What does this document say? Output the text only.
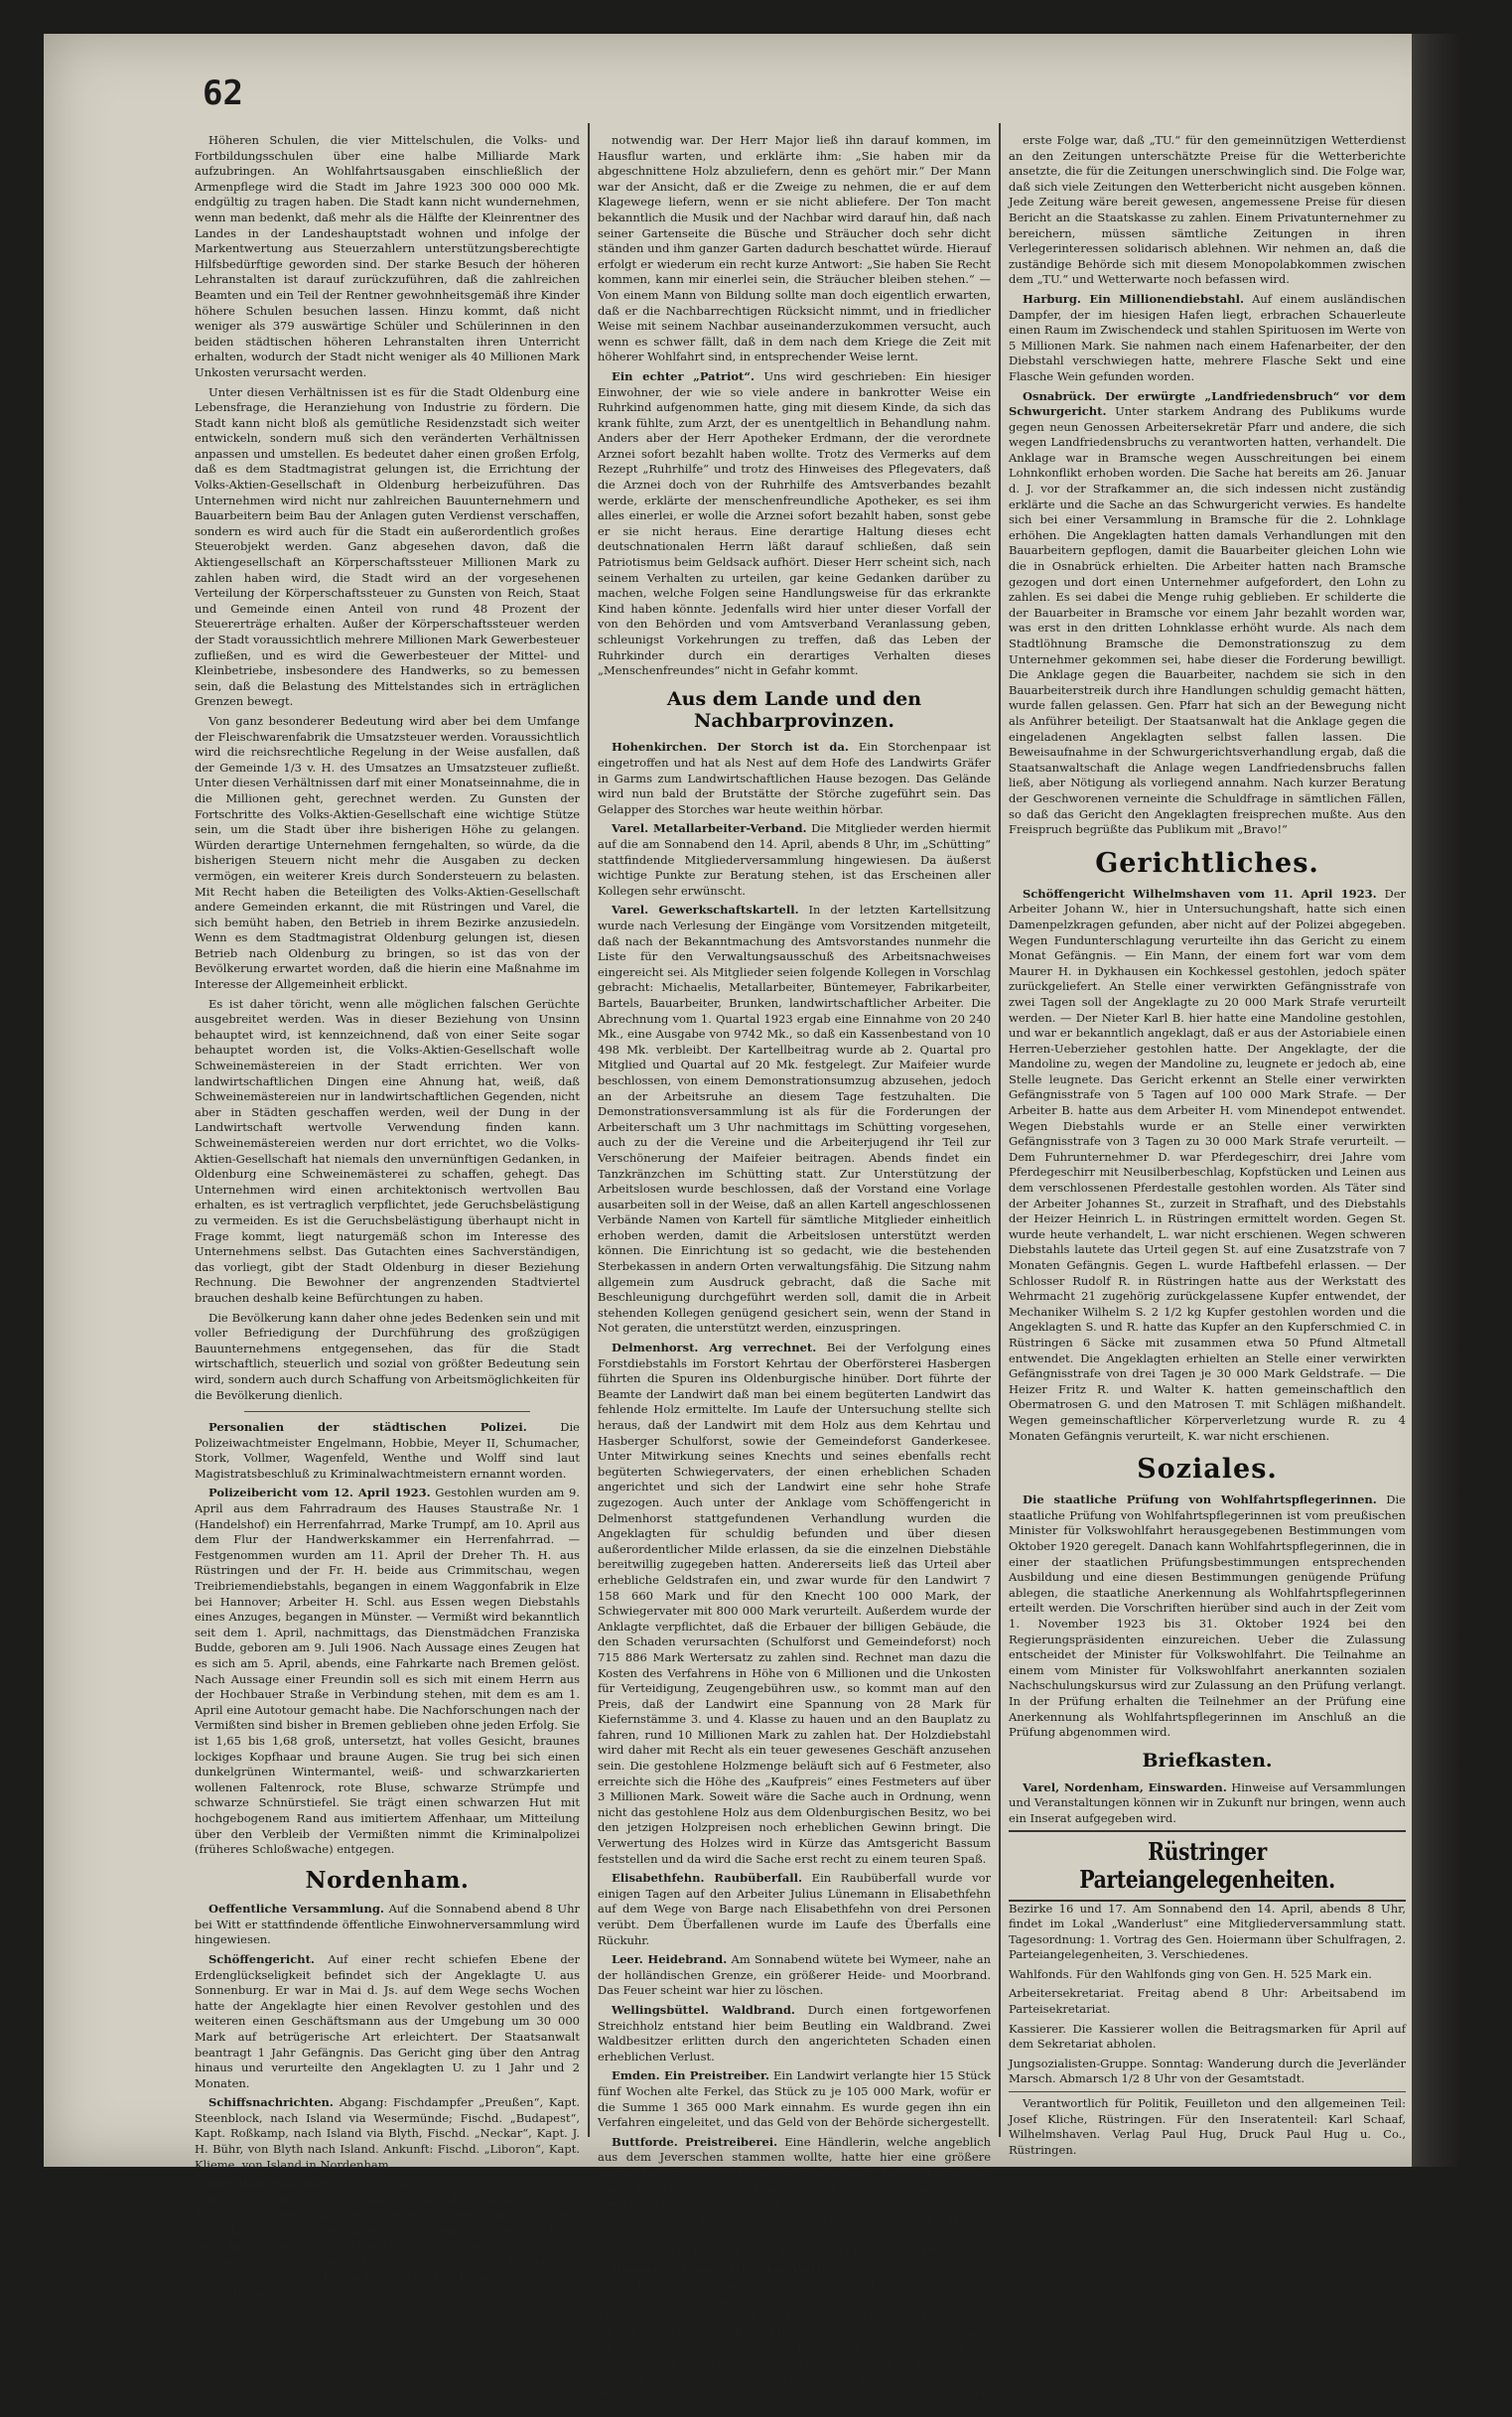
62

Höheren Schulen, die vier Mittelschulen, die Volks- und Fortbildungsschulen über eine halbe Milliarde Mark aufzubringen. An Wohlfahrtsausgaben einschließlich der Armenpflege wird die Stadt im Jahre 1923 300 000 000 Mk. endgültig zu tragen haben. Die Stadt kann nicht wundernehmen, wenn man bedenkt, daß mehr als die Hälfte der Kleinrentner des Landes in der Landeshauptstadt wohnen und infolge der Markentwertung aus Steuerzahlern unterstützungsberechtigte Hilfsbedürftige geworden sind. Der starke Besuch der höheren Lehranstalten ist darauf zurückzuführen, daß die zahlreichen Beamten und ein Teil der Rentner gewohnheitsgemäß ihre Kinder höhere Schulen besuchen lassen. Hinzu kommt, daß nicht weniger als 379 auswärtige Schüler und Schülerinnen in den beiden städtischen höheren Lehranstalten ihren Unterricht erhalten, wodurch der Stadt nicht weniger als 40 Millionen Mark Unkosten verursacht werden.

Unter diesen Verhältnissen ist es für die Stadt Oldenburg eine Lebensfrage, die Heranziehung von Industrie zu fördern. Die Stadt kann nicht bloß als gemütliche Residenzstadt sich weiter entwickeln, sondern muß sich den veränderten Verhältnissen anpassen und umstellen. Es bedeutet daher einen großen Erfolg, daß es dem Stadtmagistrat gelungen ist, die Errichtung der Volks-Aktien-Gesellschaft in Oldenburg herbeizuführen. Das Unternehmen wird nicht nur zahlreichen Bauunternehmern und Bauarbeitern beim Bau der Anlagen guten Verdienst verschaffen, sondern es wird auch für die Stadt ein außerordentlich großes Steuerobjekt werden. Ganz abgesehen davon, daß die Aktiengesellschaft an Körperschaftssteuer Millionen Mark zu zahlen haben wird, die Stadt wird an der vorgesehenen Verteilung der Körperschaftssteuer zu Gunsten von Reich, Staat und Gemeinde einen Anteil von rund 48 Prozent der Steuererträge erhalten. Außer der Körperschaftssteuer werden der Stadt voraussichtlich mehrere Millionen Mark Gewerbesteuer zufließen, und es wird die Gewerbesteuer der Mittel- und Kleinbetriebe, insbesondere des Handwerks, so zu bemessen sein, daß die Belastung des Mittelstandes sich in erträglichen Grenzen bewegt.

Von ganz besonderer Bedeutung wird aber bei dem Umfange der Fleischwarenfabrik die Umsatzsteuer werden. Voraussichtlich wird die reichsrechtliche Regelung in der Weise ausfallen, daß der Gemeinde 1/3 v. H. des Umsatzes an Umsatzsteuer zufließt. Unter diesen Verhältnissen darf mit einer Monatseinnahme, die in die Millionen geht, gerechnet werden. Zu Gunsten der Fortschritte des Volks-Aktien-Gesellschaft eine wichtige Stütze sein, um die Stadt über ihre bisherigen Höhe zu gelangen. Würden derartige Unternehmen ferngehalten, so würde, da die bisherigen Steuern nicht mehr die Ausgaben zu decken vermögen, ein weiterer Kreis durch Sondersteuern zu belasten. Mit Recht haben die Beteiligten des Volks-Aktien-Gesellschaft andere Gemeinden erkannt, die mit Rüstringen und Varel, die sich bemüht haben, den Betrieb in ihrem Bezirke anzusiedeln. Wenn es dem Stadtmagistrat Oldenburg gelungen ist, diesen Betrieb nach Oldenburg zu bringen, so ist das von der Bevölkerung erwartet worden, daß die hierin eine Maßnahme im Interesse der Allgemeinheit erblickt.

Es ist daher töricht, wenn alle möglichen falschen Gerüchte ausgebreitet werden. Was in dieser Beziehung von Unsinn behauptet wird, ist kennzeichnend, daß von einer Seite sogar behauptet worden ist, die Volks-Aktien-Gesellschaft wolle Schweinemästereien in der Stadt errichten. Wer von landwirtschaftlichen Dingen eine Ahnung hat, weiß, daß Schweinemästereien nur in landwirtschaftlichen Gegenden, nicht aber in Städten geschaffen werden, weil der Dung in der Landwirtschaft wertvolle Verwendung finden kann. Schweinemästereien werden nur dort errichtet, wo die Volks-Aktien-Gesellschaft hat niemals den unvernünftigen Gedanken, in Oldenburg eine Schweinemästerei zu schaffen, gehegt. Das Unternehmen wird einen architektonisch wertvollen Bau erhalten, es ist vertraglich verpflichtet, jede Geruchsbelästigung zu vermeiden. Es ist die Geruchsbelästigung überhaupt nicht in Frage kommt, liegt naturgemäß schon im Interesse des Unternehmens selbst. Das Gutachten eines Sachverständigen, das vorliegt, gibt der Stadt Oldenburg in dieser Beziehung Rechnung. Die Bewohner der angrenzenden Stadtviertel brauchen deshalb keine Befürchtungen zu haben.

Die Bevölkerung kann daher ohne jedes Bedenken sein und mit voller Befriedigung der Durchführung des großzügigen Bauunternehmens entgegensehen, das für die Stadt wirtschaftlich, steuerlich und sozial von größter Bedeutung sein wird, sondern auch durch Schaffung von Arbeitsmöglichkeiten für die Bevölkerung dienlich.

Personalien der städtischen Polizei.	Die Polizeiwachtmeister Engelmann, Hobbie, Meyer II, Schumacher, Stork, Vollmer, Wagenfeld, Wenthe und Wolff sind laut Magistratsbeschluß zu Kriminalwachtmeistern ernannt worden.

Polizeibericht vom 12. April 1923. Gestohlen wurden am 9. April aus dem Fahrradraum des Hauses Staustraße Nr. 1 (Handelshof) ein Herrenfahrrad, Marke Trumpf, am 10. April aus dem Flur der Handwerkskammer ein Herrenfahrrad. — Festgenommen wurden am 11. April der Dreher Th. H. aus Rüstringen und der Fr. H. beide aus Crimmitschau, wegen Treibriemendiebstahls, begangen in einem Waggonfabrik in Elze bei Hannover; Arbeiter H. Schl. aus Essen wegen Diebstahls eines Anzuges, begangen in Münster. — Vermißt wird bekanntlich seit dem 1. April, nachmittags, das Dienstmädchen Franziska Budde, geboren am 9. Juli 1906. Nach Aussage eines Zeugen hat es sich am 5. April, abends, eine Fahrkarte nach Bremen gelöst. Nach Aussage einer Freundin soll es sich mit einem Herrn aus der Hochbauer Straße in Verbindung stehen, mit dem es am 1. April eine Autotour gemacht habe. Die Nachforschungen nach der Vermißten sind bisher in Bremen geblieben ohne jeden Erfolg. Sie ist 1,65 bis 1,68 groß, untersetzt, hat volles Gesicht, braunes lockiges Kopfhaar und braune Augen. Sie trug bei sich einen dunkelgrünen Wintermantel, weiß- und schwarzkarierten wollenen Faltenrock, rote Bluse, schwarze Strümpfe und schwarze Schnürstiefel. Sie trägt einen schwarzen Hut mit hochgebogenem Rand aus imitiertem Affenhaar, um Mitteilung über den Verbleib der Vermißten nimmt die Kriminalpolizei (früheres Schloßwache) entgegen.

Nordenham.

Oeffentliche Versammlung. Auf die Sonnabend abend 8 Uhr bei Witt er stattfindende öffentliche Einwohnerversammlung wird hingewiesen.

Schöffengericht. Auf einer recht schiefen Ebene der Erdenglückseligkeit befindet sich der Angeklagte U. aus Sonnenburg. Er war in Mai d. Js. auf dem Wege sechs Wochen hatte der Angeklagte hier einen Revolver gestohlen und des weiteren einen Geschäftsmann aus der Umgebung um 30 000 Mark auf betrügerische Art erleichtert. Der Staatsanwalt beantragt 1 Jahr Gefängnis. Das Gericht ging über den Antrag hinaus und verurteilte den Angeklagten U. zu 1 Jahr und 2 Monaten.

Schiffsnachrichten. Abgang: Fischdampfer „Preußen“, Kapt. Steenblock, nach Island via Wesermünde; Fischd. „Budapest“, Kapt. Roßkamp, nach Island via Blyth, Fischd. „Neckar“, Kapt. J. H. Bühr, von Blyth nach Island. Ankunft: Fischd. „Liboron“, Kapt. Klieme, von Island in Nordenham.

Der Herr Nachbar. Ein Major a. D., der sich an die heutige Zeit noch nicht gewöhnen kann, wollte den Nachbar um die Erlaubnis gebeten, daß der in seinem Gartengrundstück allein befindlichen Zweige beschneiden zu dürfen. Der Nachbar hatte die Erlaubnis gegeben, und der Major erteilte an ihn den Auftrag. In einem wurde es dem Major durch die Erlaubnis Fragende in seinem Interesse die Erdbeersträucher, Die Erlaubnis wurde auf das unbedingt

notwendig war. Der Herr Major ließ ihn darauf kommen, im Hausflur warten, und erklärte ihm: „Sie haben mir da abgeschnittene Holz abzuliefern, denn es gehört mir.“ Der Mann war der Ansicht, daß er die Zweige zu nehmen, die er auf dem Klagewege liefern, wenn er sie nicht abliefere. Der Ton macht bekanntlich die Musik und der Nachbar wird darauf hin, daß nach seiner Gartenseite die Büsche und Sträucher doch sehr dicht ständen und ihm ganzer Garten dadurch beschattet würde. Hierauf erfolgt er wiederum ein recht kurze Antwort: „Sie haben Sie Recht kommen, kann mir einerlei sein, die Sträucher bleiben stehen.“ — Von einem Mann von Bildung sollte man doch eigentlich erwarten, daß er die Nachbarrechtigen Rücksicht nimmt, und in friedlicher Weise mit seinem Nachbar auseinanderzukommen versucht, auch wenn es schwer fällt, daß in dem nach dem Kriege die Zeit mit höherer Wohlfahrt sind, in entsprechender Weise lernt.

Ein echter „Patriot“. Uns wird geschrieben: Ein hiesiger Einwohner, der wie so viele andere in bankrotter Weise ein Ruhrkind aufgenommen hatte, ging mit diesem Kinde, da sich das krank fühlte, zum Arzt, der es unentgeltlich in Behandlung nahm. Anders aber der Herr Apotheker Erdmann, der die verordnete Arznei sofort bezahlt haben wollte. Trotz des Vermerks auf dem Rezept „Ruhrhilfe“ und trotz des Hinweises des Pflegevaters, daß die Arznei doch von der Ruhrhilfe des Amtsverbandes bezahlt werde, erklärte der menschenfreundliche Apotheker, es sei ihm alles einerlei, er wolle die Arznei sofort bezahlt haben, sonst gebe er sie nicht heraus. Eine derartige Haltung dieses echt deutschnationalen Herrn läßt darauf schließen, daß sein Patriotismus beim Geldsack aufhört. Dieser Herr scheint sich, nach seinem Verhalten zu urteilen, gar keine Gedanken darüber zu machen, welche Folgen seine Handlungsweise für das erkrankte Kind haben könnte. Jedenfalls wird hier unter dieser Vorfall der von den Behörden und vom Amtsverband Veranlassung geben, schleunigst Vorkehrungen zu treffen, daß das Leben der Ruhrkinder durch ein derartiges Verhalten dieses „Menschenfreundes“ nicht in Gefahr kommt.

Aus dem Lande und den Nachbarprovinzen.

Hohenkirchen. Der Storch ist da. Ein Storchenpaar ist eingetroffen und hat als Nest auf dem Hofe des Landwirts Gräfer in Garms zum Landwirtschaftlichen Hause bezogen. Das Gelände wird nun bald der Brutstätte der Störche zugeführt sein. Das Gelapper des Storches war heute weithin hörbar.

Varel. Metallarbeiter-Verband. Die Mitglieder werden hiermit auf die am Sonnabend den 14. April, abends 8 Uhr, im „Schütting“ stattfindende Mitgliederversammlung hingewiesen. Da äußerst wichtige Punkte zur Beratung stehen, ist das Erscheinen aller Kollegen sehr erwünscht.

Varel. Gewerkschaftskartell. In der letzten Kartellsitzung wurde nach Verlesung der Eingänge vom Vorsitzenden mitgeteilt, daß nach der Bekanntmachung des Amtsvorstandes nunmehr die Liste für den Verwaltungsausschuß des Arbeitsnachweises eingereicht sei. Als Mitglieder seien folgende Kollegen in Vorschlag gebracht: Michaelis, Metallarbeiter, Büntemeyer, Fabrikarbeiter, Bartels, Bauarbeiter, Brunken, landwirtschaftlicher Arbeiter. Die Abrechnung vom 1. Quartal 1923 ergab eine Einnahme von 20 240 Mk., eine Ausgabe von 9742 Mk., so daß ein Kassenbestand von 10 498 Mk. verbleibt. Der Kartellbeitrag wurde ab 2. Quartal pro Mitglied und Quartal auf 20 Mk. festgelegt. Zur Maifeier wurde beschlossen, von einem Demonstrationsumzug abzusehen, jedoch an der Arbeitsruhe an diesem Tage festzuhalten. Die Demonstrationsversammlung ist als für die Forderungen der Arbeiterschaft um 3 Uhr nachmittags im Schütting vorgesehen, auch zu der die Vereine und die Arbeiterjugend ihr Teil zur Verschönerung der Maifeier beitragen. Abends findet ein Tanzkränzchen im Schütting statt. Zur Unterstützung der Arbeitslosen wurde beschlossen, daß der Vorstand eine Vorlage ausarbeiten soll in der Weise, daß an allen Kartell angeschlossenen Verbände Namen von Kartell für sämtliche Mitglieder einheitlich erhoben werden, damit die Arbeitslosen unterstützt werden können. Die Einrichtung ist so gedacht, wie die bestehenden Sterbekassen in andern Orten verwaltungsfähig. Die Sitzung nahm allgemein zum Ausdruck gebracht, daß die Sache mit Beschleunigung durchgeführt werden soll, damit die in Arbeit stehenden Kollegen genügend gesichert sein, wenn der Stand in Not geraten, die unterstützt werden, einzuspringen.

Delmenhorst. Arg verrechnet. Bei der Verfolgung eines Forstdiebstahls im Forstort Kehrtau der Oberförsterei Hasbergen führten die Spuren ins Oldenburgische hinüber. Dort führte der Beamte der Landwirt daß man bei einem begüterten Landwirt das fehlende Holz ermittelte. Im Laufe der Untersuchung stellte sich heraus, daß der Landwirt mit dem Holz aus dem Kehrtau und Hasberger Schulforst, sowie der Gemeindeforst Ganderkesee. Unter Mitwirkung seines Knechts und seines ebenfalls recht begüterten Schwiegervaters, der einen erheblichen Schaden angerichtet und sich der Landwirt eine sehr hohe Strafe zugezogen. Auch unter der Anklage vom Schöffengericht in Delmenhorst stattgefundenen Verhandlung wurden die Angeklagten für schuldig befunden und über diesen außerordentlicher Milde erlassen, da sie die einzelnen Diebstähle bereitwillig zugegeben hatten. Andererseits ließ das Urteil aber erhebliche Geldstrafen ein, und zwar wurde für den Landwirt 7 158 660 Mark und für den Knecht 100 000 Mark, der Schwiegervater mit 800 000 Mark verurteilt. Außerdem wurde der Anklagte verpflichtet, daß die Erbauer der billigen Gebäude, die den Schaden verursachten (Schulforst und Gemeindeforst) noch 715 886 Mark Wertersatz zu zahlen sind. Rechnet man dazu die Kosten des Verfahrens in Höhe von 6 Millionen und die Unkosten für Verteidigung, Zeugengebühren usw., so kommt man auf den Preis, daß der Landwirt eine Spannung von 28 Mark für Kiefernstämme 3. und 4. Klasse zu hauen und an den Bauplatz zu fahren, rund 10 Millionen Mark zu zahlen hat. Der Holzdiebstahl wird daher mit Recht als ein teuer gewesenes Geschäft anzusehen sein. Die gestohlene Holzmenge beläuft sich auf 6 Festmeter, also erreichte sich die Höhe des „Kaufpreis“ eines Festmeters auf über 3 Millionen Mark. Soweit wäre die Sache auch in Ordnung, wenn nicht das gestohlene Holz aus dem Oldenburgischen Besitz, wo bei den jetzigen Holzpreisen noch erheblichen Gewinn bringt. Die Verwertung des Holzes wird in Kürze das Amtsgericht Bassum feststellen und da wird die Sache erst recht zu einem teuren Spaß.

Elisabethfehn. Raubüberfall. Ein Raubüberfall wurde vor einigen Tagen auf den Arbeiter Julius Lünemann in Elisabethfehn auf dem Wege von Barge nach Elisabethfehn von drei Personen verübt. Dem Überfallenen wurde im Laufe des Überfalls eine Rückuhr.

Leer. Heidebrand. Am Sonnabend wütete bei Wymeer, nahe an der holländischen Grenze, ein größerer Heide- und Moorbrand. Das Feuer scheint war hier zu löschen.

Wellingsbüttel. Waldbrand. Durch einen fortgeworfenen Streichholz entstand hier beim Beutling ein Waldbrand. Zwei Waldbesitzer erlitten durch den angerichteten Schaden einen erheblichen Verlust.

Emden. Ein Preistreiber. Ein Landwirt verlangte hier 15 Stück fünf Wochen alte Ferkel, das Stück zu je 105 000 Mark, wofür er die Summe 1 365 000 Mark einnahm. Es wurde gegen ihn ein Verfahren eingeleitet, und das Geld von der Behörde sichergestellt.

Buttforde. Preistreiberei. Eine Händlerin, welche angeblich aus dem Jeverschen stammen wollte, hatte hier eine größere Anzahl Eier zu 270 Mark das Stück aufgekauft. Der Verkäufer, der ebenfalls schon mit ihm Handel treibt, gewerbsmäßig nur Eier weiter verkauft. Damit soll nach den von der Behörde aufgenommenen Feststellungen nach mehreren Tagen der Handel begonnen, daß sie 1000 Stück — abgenommen und beschlagnahmt. Die Eier wurden dann dem Bedarf zugeführt.

Bremen. Stinnes läßt das Wetter. Viele Leser, so schreibt unser Bremer Parteiblatt, werden den Bericht über das Wetter vermissen. Die Meldungen des Wetters werden den Interessen der Bremer Wetterwarte vermittelt. Das Ausbleiben des Wetterberichts ist auf die schwachen Einrichtungen zurückzuführen. Ab 1. April ist Stinnes der unumschränkte Herr über das Wetter, der die Beamten der Wetterwarte sind. Der Wetterbericht wird in den Zeitungen durch das sogenannte Telegraphenbureau „TU.“ von Stinnes vertreten. Es ist jetzt als „TU.“ das Monopol über das bremische Wetter bekommt.

erste Folge war, daß „TU.“ für den gemeinnützigen Wetterdienst an den Zeitungen unterschätzte Preise für die Wetterberichte ansetzte, die für die Zeitungen unerschwinglich sind. Die Folge war, daß sich viele Zeitungen den Wetterbericht nicht ausgeben können. Jede Zeitung wäre bereit gewesen, angemessene Preise für diesen Bericht an die Staatskasse zu zahlen. Einem Privatunternehmer zu bereichern, müssen sämtliche Zeitungen in ihren Verlegerinteressen solidarisch ablehnen. Wir nehmen an, daß die zuständige Behörde sich mit diesem Monopolabkommen zwischen dem „TU.“ und Wetterwarte noch befassen wird.

Harburg. Ein Millionendiebstahl. Auf einem ausländischen Dampfer, der im hiesigen Hafen liegt, erbrachen Schauerleute einen Raum im Zwischendeck und stahlen Spirituosen im Werte von 5 Millionen Mark. Sie nahmen nach einem Hafenarbeiter, der den Diebstahl verschwiegen hatte, mehrere Flasche Sekt und eine Flasche Wein gefunden worden.

Osnabrück. Der erwürgte „Landfriedensbruch“ vor dem Schwurgericht. Unter starkem Andrang des Publikums wurde gegen neun Genossen Arbeitersekretär Pfarr und andere, die sich wegen Landfriedensbruchs zu verantworten hatten, verhandelt. Die Anklage war in Bramsche wegen Ausschreitungen bei einem Lohnkonflikt erhoben worden. Die Sache hat bereits am 26. Januar d. J. vor der Strafkammer an, die sich indessen nicht zuständig erklärte und die Sache an das Schwurgericht verwies. Es handelte sich bei einer Versammlung in Bramsche für die 2. Lohnklage erhöhen. Die Angeklagten hatten damals Verhandlungen mit den Bauarbeitern gepflogen, damit die Bauarbeiter gleichen Lohn wie die in Osnabrück erhielten. Die Arbeiter hatten nach Bramsche gezogen und dort einen Unternehmer aufgefordert, den Lohn zu zahlen. Es sei dabei die Menge ruhig geblieben. Er schilderte die der Bauarbeiter in Bramsche vor einem Jahr bezahlt worden war, was erst in den dritten Lohnklasse erhöht wurde. Als nach dem Stadtlöhnung Bramsche die Demonstrationszug zu dem Unternehmer gekommen sei, habe dieser die Forderung bewilligt. Die Anklage gegen die Bauarbeiter, nachdem sie sich in den Bauarbeiterstreik durch ihre Handlungen schuldig gemacht hätten, wurde fallen gelassen. Gen. Pfarr hat sich an der Bewegung nicht als Anführer beteiligt. Der Staatsanwalt hat die Anklage gegen die eingeladenen Angeklagten selbst fallen lassen. Die Beweisaufnahme in der Schwurgerichtsverhandlung ergab, daß die Staatsanwaltschaft die Anlage wegen Landfriedensbruchs fallen ließ, aber Nötigung als vorliegend annahm. Nach kurzer Beratung der Geschworenen verneinte die Schuldfrage in sämtlichen Fällen, so daß das Gericht den Angeklagten freisprechen mußte. Aus den Freispruch begrüßte das Publikum mit „Bravo!“

Gerichtliches.

Schöffengericht Wilhelmshaven vom 11. April 1923. Der Arbeiter Johann W., hier in Untersuchungshaft, hatte sich einen Damenpelzkragen gefunden, aber nicht auf der Polizei abgegeben. Wegen Fundunterschlagung verurteilte ihn das Gericht zu einem Monat Gefängnis. — Ein Mann, der einem fort war vom dem Maurer H. in Dykhausen ein Kochkessel gestohlen, jedoch später zurückgeliefert. An Stelle einer verwirkten Gefängnisstrafe von zwei Tagen soll der Angeklagte zu 20 000 Mark Strafe verurteilt werden. — Der Nieter Karl B. hier hatte eine Mandoline gestohlen, und war er bekanntlich angeklagt, daß er aus der Astoriabiele einen Herren-Ueberzieher gestohlen hatte. Der Angeklagte, der die Mandoline zu, wegen der Mandoline zu, leugnete er jedoch ab, eine Stelle leugnete. Das Gericht erkennt an Stelle einer verwirkten Gefängnisstrafe von 5 Tagen auf 100 000 Mark Strafe. — Der Arbeiter B. hatte aus dem Arbeiter H. vom Minendepot entwendet. Wegen Diebstahls wurde er an Stelle einer verwirkten Gefängnisstrafe von 3 Tagen zu 30 000 Mark Strafe verurteilt. — Dem Fuhrunternehmer D. war Pferdegeschirr, drei Jahre vom Pferdegeschirr mit Neusilberbeschlag, Kopfstücken und Leinen aus dem verschlossenen Pferdestalle gestohlen worden. Als Täter sind der Arbeiter Johannes St., zurzeit in Strafhaft, und des Diebstahls der Heizer Heinrich L. in Rüstringen ermittelt worden. Gegen St. wurde heute verhandelt, L. war nicht erschienen. Wegen schweren Diebstahls lautete das Urteil gegen St. auf eine Zusatzstrafe von 7 Monaten Gefängnis. Gegen L. wurde Haftbefehl erlassen. — Der Schlosser Rudolf R. in Rüstringen hatte aus der Werkstatt des Wehrmacht 21 zugehörig zurückgelassene Kupfer entwendet, der Mechaniker Wilhelm S. 2 1/2 kg Kupfer gestohlen worden und die Angeklagten S. und R. hatte das Kupfer an den Kupferschmied C. in Rüstringen 6 Säcke mit zusammen etwa 50 Pfund Altmetall entwendet. Die Angeklagten erhielten an Stelle einer verwirkten Gefängnisstrafe von drei Tagen je 30 000 Mark Geldstrafe. — Die Heizer Fritz R. und Walter K. hatten gemeinschaftlich den Obermatrosen G. und den Matrosen T. mit Schlägen mißhandelt. Wegen gemeinschaftlicher Körperverletzung wurde R. zu 4 Monaten Gefängnis verurteilt, K. war nicht erschienen.

Soziales.

Die staatliche Prüfung von Wohlfahrtspflegerinnen. Die staatliche Prüfung von Wohlfahrtspflegerinnen ist vom preußischen Minister für Volkswohlfahrt herausgegebenen Bestimmungen vom Oktober 1920 geregelt. Danach kann Wohlfahrtspflegerinnen, die in einer der staatlichen Prüfungsbestimmungen entsprechenden Ausbildung und eine diesen Bestimmungen genügende Prüfung ablegen, die staatliche Anerkennung als Wohlfahrtspflegerinnen erteilt werden. Die Vorschriften hierüber sind auch in der Zeit vom 1. November 1923 bis 31. Oktober 1924 bei den Regierungspräsidenten einzureichen. Ueber die Zulassung entscheidet der Minister für Volkswohlfahrt. Die Teilnahme an einem vom Minister für Volkswohlfahrt anerkannten sozialen Nachschulungskursus wird zur Zulassung an den Prüfung verlangt. In der Prüfung erhalten die Teilnehmer an der Prüfung eine Anerkennung als Wohlfahrtspflegerinnen im Anschluß an die Prüfung abgenommen wird.

Briefkasten.

Varel, Nordenham, Einswarden. Hinweise auf Versammlungen und Veranstaltungen können wir in Zukunft nur bringen, wenn auch ein Inserat aufgegeben wird.

Rüstringer Parteiangelegenheiten.

Bezirke 16 und 17. Am Sonnabend den 14. April, abends 8 Uhr, findet im Lokal „Wanderlust“ eine Mitgliederversammlung statt. Tagesordnung: 1. Vortrag des Gen. Hoiermann über Schulfragen, 2. Parteiangelegenheiten, 3. Verschiedenes.

Wahlfonds. Für den Wahlfonds ging von Gen. H. 525 Mark ein.

Arbeitersekretariat. Freitag abend 8 Uhr: Arbeitsabend im Parteisekretariat.

Kassierer. Die Kassierer wollen die Beitragsmarken für April auf dem Sekretariat abholen.

Jungsozialisten-Gruppe. Sonntag: Wanderung durch die Jeverländer Marsch. Abmarsch 1/2 8 Uhr von der Gesamtstadt.

Verantwortlich für Politik, Feuilleton und den allgemeinen Teil: Josef Kliche, Rüstringen. Für den Inseratenteil: Karl Schaaf, Wilhelmshaven. Verlag Paul Hug, Druck Paul Hug u. Co., Rüstringen.
